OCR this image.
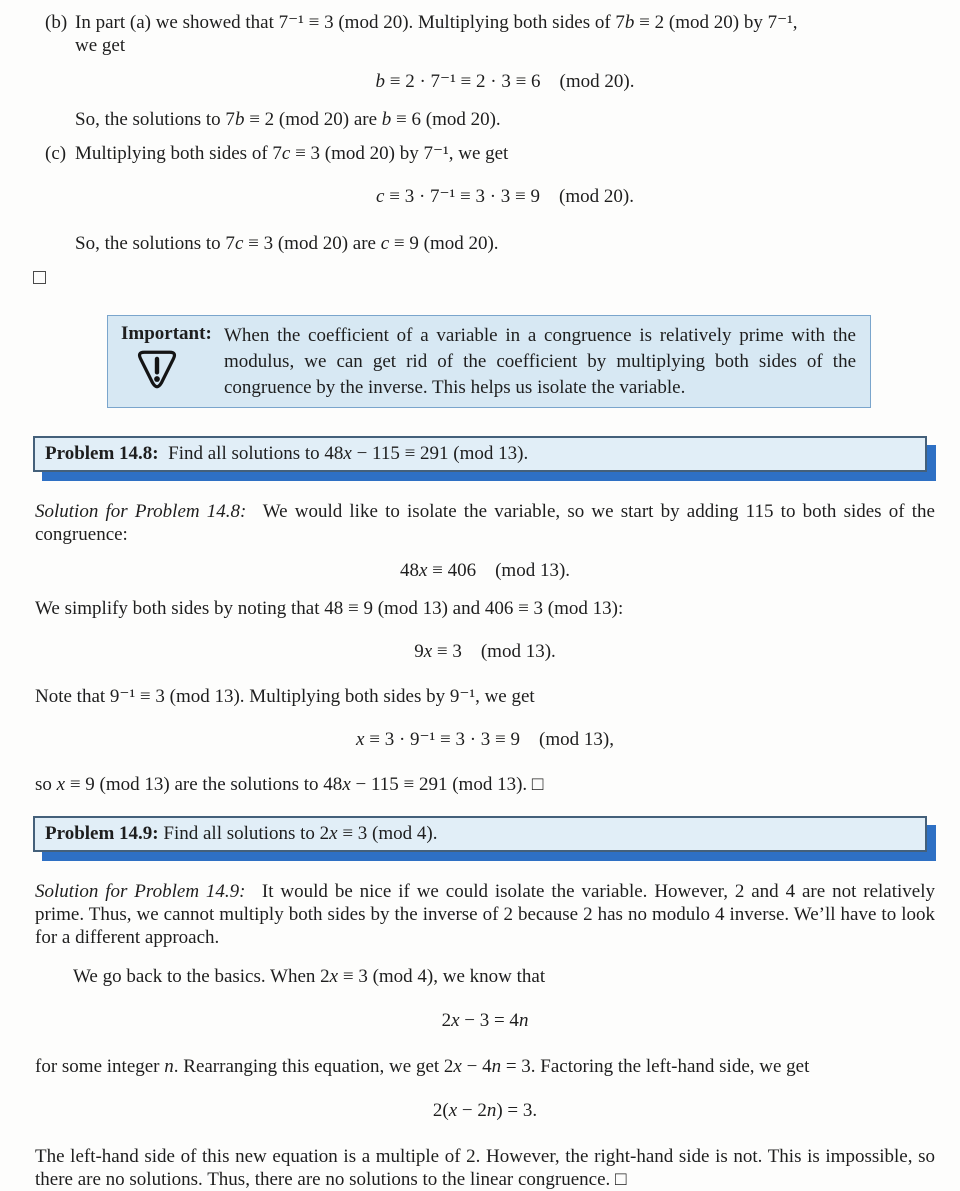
(b) In part (a) we showed that 7⁻¹ ≡ 3 (mod 20). Multiplying both sides of 7b ≡ 2 (mod 20) by 7⁻¹,
we get
b ≡ 2 · 7⁻¹ ≡ 2 · 3 ≡ 6 (mod 20).
So, the solutions to 7b ≡ 2 (mod 20) are b ≡ 6 (mod 20).
(c) Multiplying both sides of 7c ≡ 3 (mod 20) by 7⁻¹, we get
c ≡ 3 · 7⁻¹ ≡ 3 · 3 ≡ 9 (mod 20).
So, the solutions to 7c ≡ 3 (mod 20) are c ≡ 9 (mod 20).
Important: When the coefficient of a variable in a congruence is relatively prime with the modulus, we can get rid of the coefficient by multiplying both sides of the congruence by the inverse. This helps us isolate the variable.
Problem 14.8: Find all solutions to 48x − 115 ≡ 291 (mod 13).
Solution for Problem 14.8:  We would like to isolate the variable, so we start by adding 115 to both sides of the congruence:
48x ≡ 406 (mod 13).
We simplify both sides by noting that 48 ≡ 9 (mod 13) and 406 ≡ 3 (mod 13):
9x ≡ 3 (mod 13).
Note that 9⁻¹ ≡ 3 (mod 13). Multiplying both sides by 9⁻¹, we get
x ≡ 3 · 9⁻¹ ≡ 3 · 3 ≡ 9 (mod 13),
so x ≡ 9 (mod 13) are the solutions to 48x − 115 ≡ 291 (mod 13). □
Problem 14.9: Find all solutions to 2x ≡ 3 (mod 4).
Solution for Problem 14.9:  It would be nice if we could isolate the variable. However, 2 and 4 are not relatively prime. Thus, we cannot multiply both sides by the inverse of 2 because 2 has no modulo 4 inverse. We’ll have to look for a different approach.
We go back to the basics. When 2x ≡ 3 (mod 4), we know that
2x − 3 = 4n
for some integer n. Rearranging this equation, we get 2x − 4n = 3. Factoring the left-hand side, we get
2(x − 2n) = 3.
The left-hand side of this new equation is a multiple of 2. However, the right-hand side is not. This is impossible, so there are no solutions. Thus, there are no solutions to the linear congruence. □
